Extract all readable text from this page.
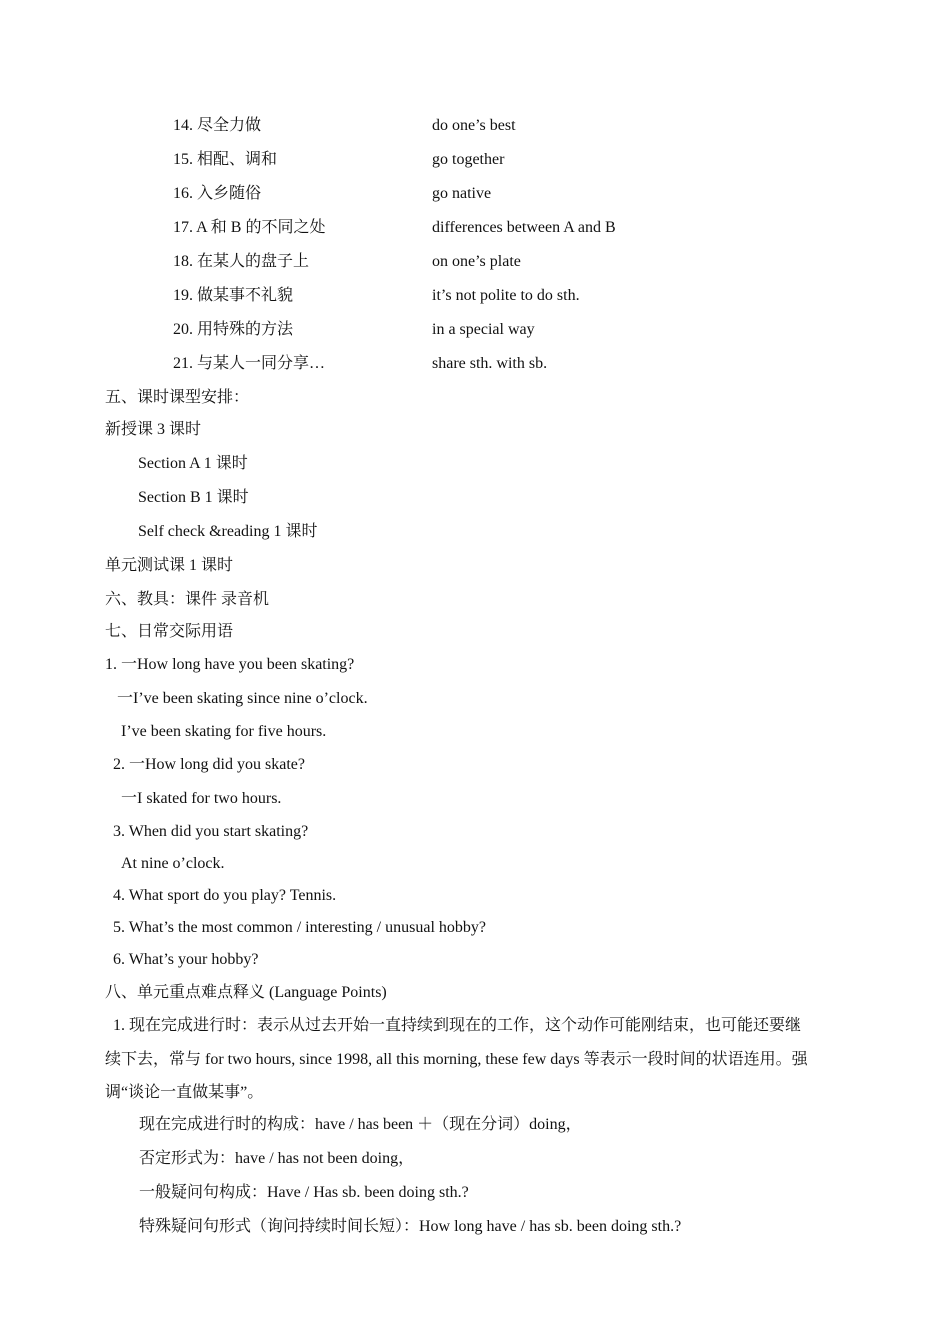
14. 尽全力做	do one’s best
15. 相配、调和	go together
16. 入乡随俗	go native
17. A 和 B 的不同之处	differences between A and B
18. 在某人的盘子上	on one’s plate
19. 做某事不礼貌	it’s not polite to do sth.
20. 用特殊的方法	in a special way
21. 与某人一同分享…	share sth. with sb.
五、课时课型安排：
新授课 3 课时
Section A 1 课时
Section B 1 课时
Self check &reading 1 课时
单元测试课 1 课时
六、教具：课件 录音机
七、日常交际用语
1. 一How long have you been skating?
一I’ve been skating since nine o’clock.
I’ve been skating for five hours.
2. 一How long did you skate?
一I skated for two hours.
3. When did you start skating?
At nine o’clock.
4. What sport do you play? Tennis.
5. What’s the most common / interesting / unusual hobby?
6. What’s your hobby?
八、单元重点难点释义 (Language Points)
1. 现在完成进行时：表示从过去开始一直持续到现在的工作，这个动作可能刚结束，也可能还要继
续下去，常与 for two hours, since 1998, all this morning, these few days 等表示一段时间的状语连用。强
调“谈论一直做某事”。
现在完成进行时的构成：have / has been ＋（现在分词）doing，
否定形式为：have / has not been doing，
一般疑问句构成：Have / Has sb. been doing sth.?
特殊疑问句形式（询问持续时间长短）：How long have / has sb. been doing sth.?
